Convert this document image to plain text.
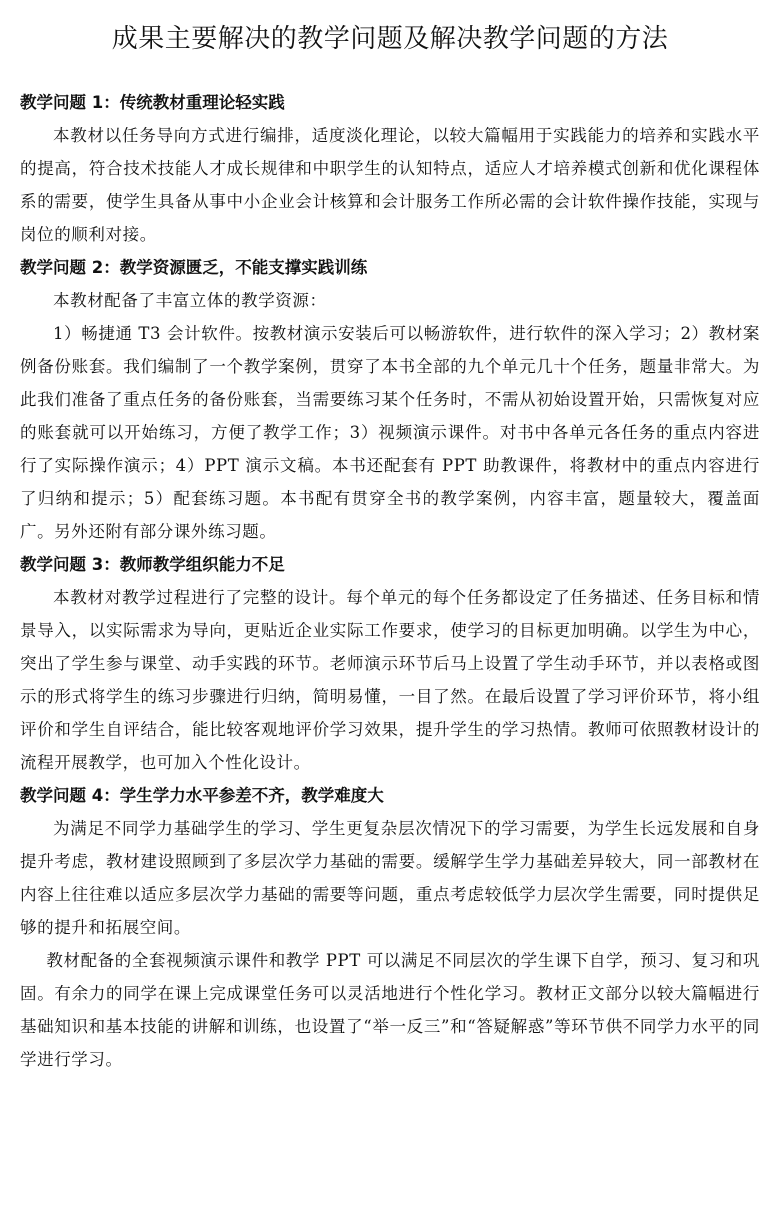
成果主要解决的教学问题及解决教学问题的方法
教学问题 1：传统教材重理论轻实践

本教材以任务导向方式进行编排，适度淡化理论，以较大篇幅用于实践能力的培养和实践水平的提高，符合技术技能人才成长规律和中职学生的认知特点，适应人才培养模式创新和优化课程体系的需要，使学生具备从事中小企业会计核算和会计服务工作所必需的会计软件操作技能，实现与岗位的顺利对接。

教学问题 2：教学资源匮乏，不能支撑实践训练

本教材配备了丰富立体的教学资源：

1）畅捷通 T3 会计软件。按教材演示安装后可以畅游软件，进行软件的深入学习；2）教材案例备份账套。我们编制了一个教学案例，贯穿了本书全部的九个单元几十个任务，题量非常大。为此我们准备了重点任务的备份账套，当需要练习某个任务时，不需从初始设置开始，只需恢复对应的账套就可以开始练习，方便了教学工作；3）视频演示课件。对书中各单元各任务的重点内容进行了实际操作演示；4）PPT 演示文稿。本书还配套有 PPT 助教课件，将教材中的重点内容进行了归纳和提示；5）配套练习题。本书配有贯穿全书的教学案例，内容丰富，题量较大，覆盖面广。另外还附有部分课外练习题。

教学问题 3：教师教学组织能力不足

本教材对教学过程进行了完整的设计。每个单元的每个任务都设定了任务描述、任务目标和情景导入，以实际需求为导向，更贴近企业实际工作要求，使学习的目标更加明确。以学生为中心，突出了学生参与课堂、动手实践的环节。老师演示环节后马上设置了学生动手环节，并以表格或图示的形式将学生的练习步骤进行归纳，简明易懂，一目了然。在最后设置了学习评价环节，将小组评价和学生自评结合，能比较客观地评价学习效果，提升学生的学习热情。教师可依照教材设计的流程开展教学，也可加入个性化设计。

教学问题 4：学生学力水平参差不齐，教学难度大

为满足不同学力基础学生的学习、学生更复杂层次情况下的学习需要，为学生长远发展和自身提升考虑，教材建设照顾到了多层次学力基础的需要。缓解学生学力基础差异较大，同一部教材在内容上往往难以适应多层次学力基础的需要等问题，重点考虑较低学力层次学生需要，同时提供足够的提升和拓展空间。

教材配备的全套视频演示课件和教学 PPT 可以满足不同层次的学生课下自学，预习、复习和巩固。有余力的同学在课上完成课堂任务可以灵活地进行个性化学习。教材正文部分以较大篇幅进行基础知识和基本技能的讲解和训练，也设置了“举一反三”和“答疑解惑”等环节供不同学力水平的同学进行学习。
